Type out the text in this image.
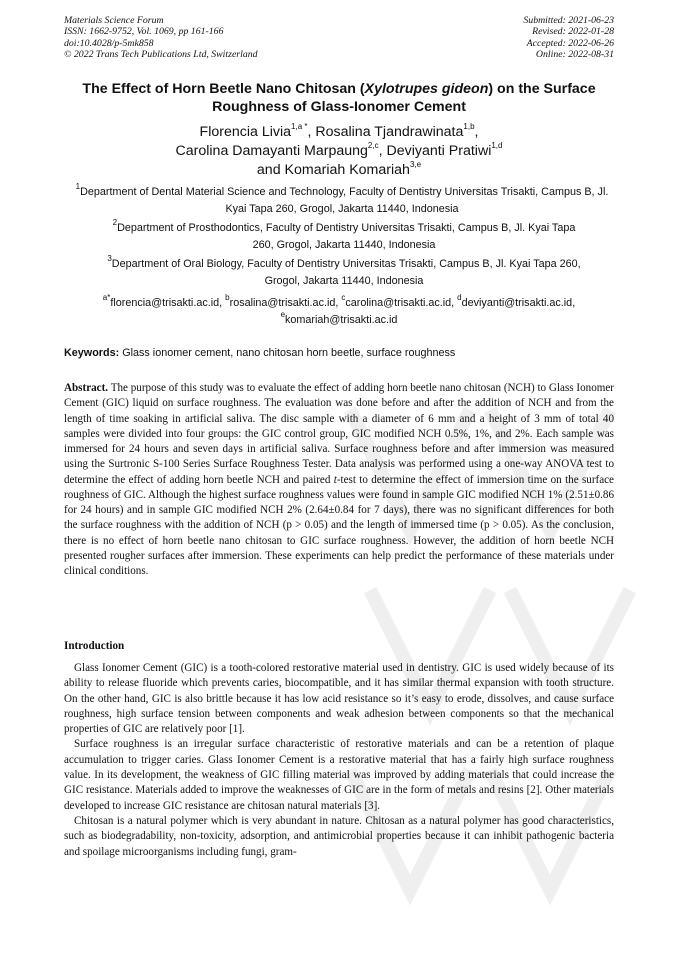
Materials Science Forum
ISSN: 1662-9752, Vol. 1069, pp 161-166
doi:10.4028/p-5mk858
© 2022 Trans Tech Publications Ltd, Switzerland
Submitted: 2021-06-23
Revised: 2022-01-28
Accepted: 2022-06-26
Online: 2022-08-31
The Effect of Horn Beetle Nano Chitosan (Xylotrupes gideon) on the Surface Roughness of Glass-Ionomer Cement
Florencia Livia$^{1,a *}$, Rosalina Tjandrawinata$^{1,b}$,
Carolina Damayanti Marpaung$^{2,c}$, Deviyanti Pratiwi$^{1,d}$
and Komariah Komariah$^{3,e}$
$^1$Department of Dental Material Science and Technology, Faculty of Dentistry Universitas Trisakti, Campus B, Jl. Kyai Tapa 260, Grogol, Jakarta 11440, Indonesia
$^2$Department of Prosthodontics, Faculty of Dentistry Universitas Trisakti, Campus B, Jl. Kyai Tapa 260, Grogol, Jakarta 11440, Indonesia
$^3$Department of Oral Biology, Faculty of Dentistry Universitas Trisakti, Campus B, Jl. Kyai Tapa 260, Grogol, Jakarta 11440, Indonesia
$^{a*}$florencia@trisakti.ac.id, $^b$rosalina@trisakti.ac.id, $^c$carolina@trisakti.ac.id, $^d$deviyanti@trisakti.ac.id, $^e$komariah@trisakti.ac.id
Keywords: Glass ionomer cement, nano chitosan horn beetle, surface roughness
Abstract. The purpose of this study was to evaluate the effect of adding horn beetle nano chitosan (NCH) to Glass Ionomer Cement (GIC) liquid on surface roughness. The evaluation was done before and after the addition of NCH and from the length of time soaking in artificial saliva. The disc sample with a diameter of 6 mm and a height of 3 mm of total 40 samples were divided into four groups: the GIC control group, GIC modified NCH 0.5%, 1%, and 2%. Each sample was immersed for 24 hours and seven days in artificial saliva. Surface roughness before and after immersion was measured using the Surtronic S-100 Series Surface Roughness Tester. Data analysis was performed using a one-way ANOVA test to determine the effect of adding horn beetle NCH and paired t-test to determine the effect of immersion time on the surface roughness of GIC. Although the highest surface roughness values were found in sample GIC modified NCH 1% (2.51±0.86 for 24 hours) and in sample GIC modified NCH 2% (2.64±0.84 for 7 days), there was no significant differences for both the surface roughness with the addition of NCH (p > 0.05) and the length of immersed time (p > 0.05). As the conclusion, there is no effect of horn beetle nano chitosan to GIC surface roughness. However, the addition of horn beetle NCH presented rougher surfaces after immersion. These experiments can help predict the performance of these materials under clinical conditions.
Introduction

Glass Ionomer Cement (GIC) is a tooth-colored restorative material used in dentistry. GIC is used widely because of its ability to release fluoride which prevents caries, biocompatible, and it has similar thermal expansion with tooth structure. On the other hand, GIC is also brittle because it has low acid resistance so it’s easy to erode, dissolves, and cause surface roughness, high surface tension between components and weak adhesion between components so that the mechanical properties of GIC are relatively poor [1].

Surface roughness is an irregular surface characteristic of restorative materials and can be a retention of plaque accumulation to trigger caries. Glass Ionomer Cement is a restorative material that has a fairly high surface roughness value. In its development, the weakness of GIC filling material was improved by adding materials that could increase the GIC resistance. Materials added to improve the weaknesses of GIC are in the form of metals and resins [2]. Other materials developed to increase GIC resistance are chitosan natural materials [3].

Chitosan is a natural polymer which is very abundant in nature. Chitosan as a natural polymer has good characteristics, such as biodegradability, non-toxicity, adsorption, and antimicrobial properties because it can inhibit pathogenic bacteria and spoilage microorganisms including fungi, gram-
